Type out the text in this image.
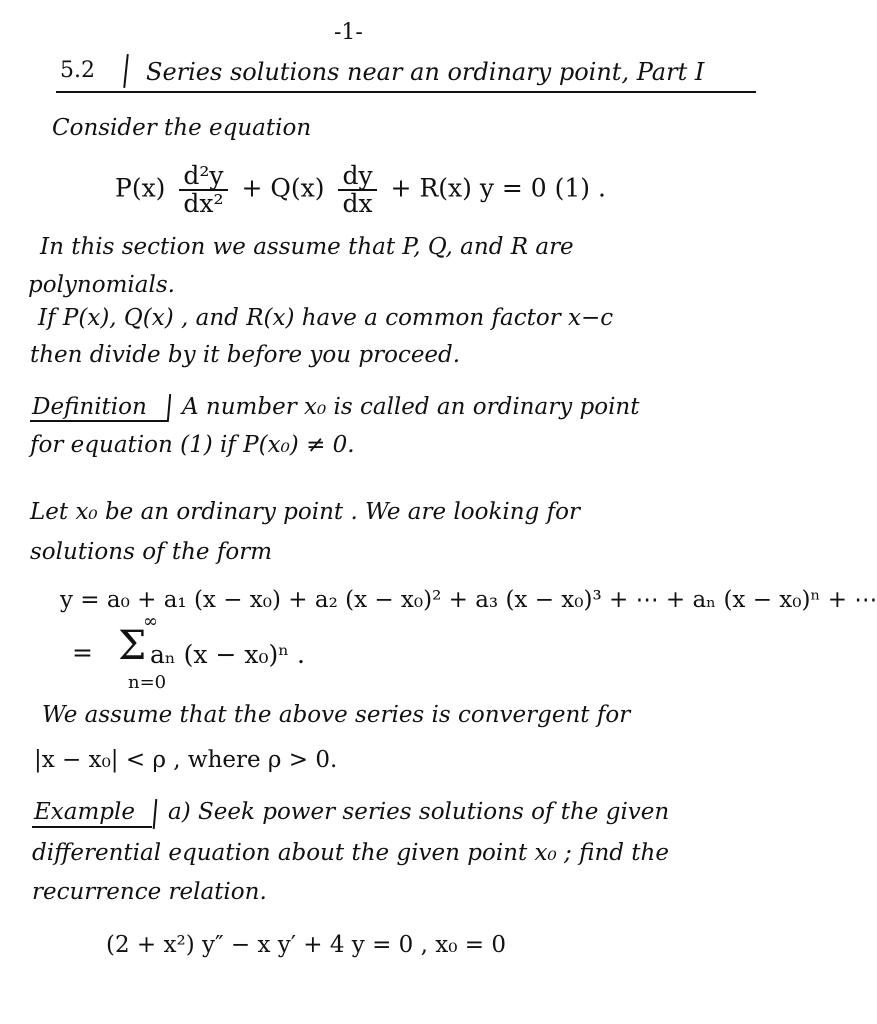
-1-
5.2 Series solutions near an ordinary point, Part I
Consider the equation
$P(x) \frac{\text{d²y}}{\text{dx²}} + Q(x) \frac{dy}{dx} + R(x) y = 0$ (1) .
In this section we assume that P, Q, and R are
polynomials.
If P(x), Q(x) , and R(x) have a common factor x−c
then divide by it before you proceed.
Definition A number x₀ is called an ordinary point
for equation (1) if P(x₀) ≠ 0.
Let x₀ be an ordinary point . We are looking for
solutions of the form
y = a₀ + a₁ (x − x₀) + a₂ (x − x₀)² + a₃ (x − x₀)³ + ⋯ + aₙ (x − x₀)ⁿ + ⋯
= Σ
∞
n=0
aₙ (x − x₀)ⁿ .
We assume that the above series is convergent for
|x − x₀| < ρ , where ρ > 0.
Example a) Seek power series solutions of the given
differential equation about the given point x₀ ; find the
recurrence relation.
(2 + x²) y″ − x y′ + 4 y = 0 , x₀ = 0
